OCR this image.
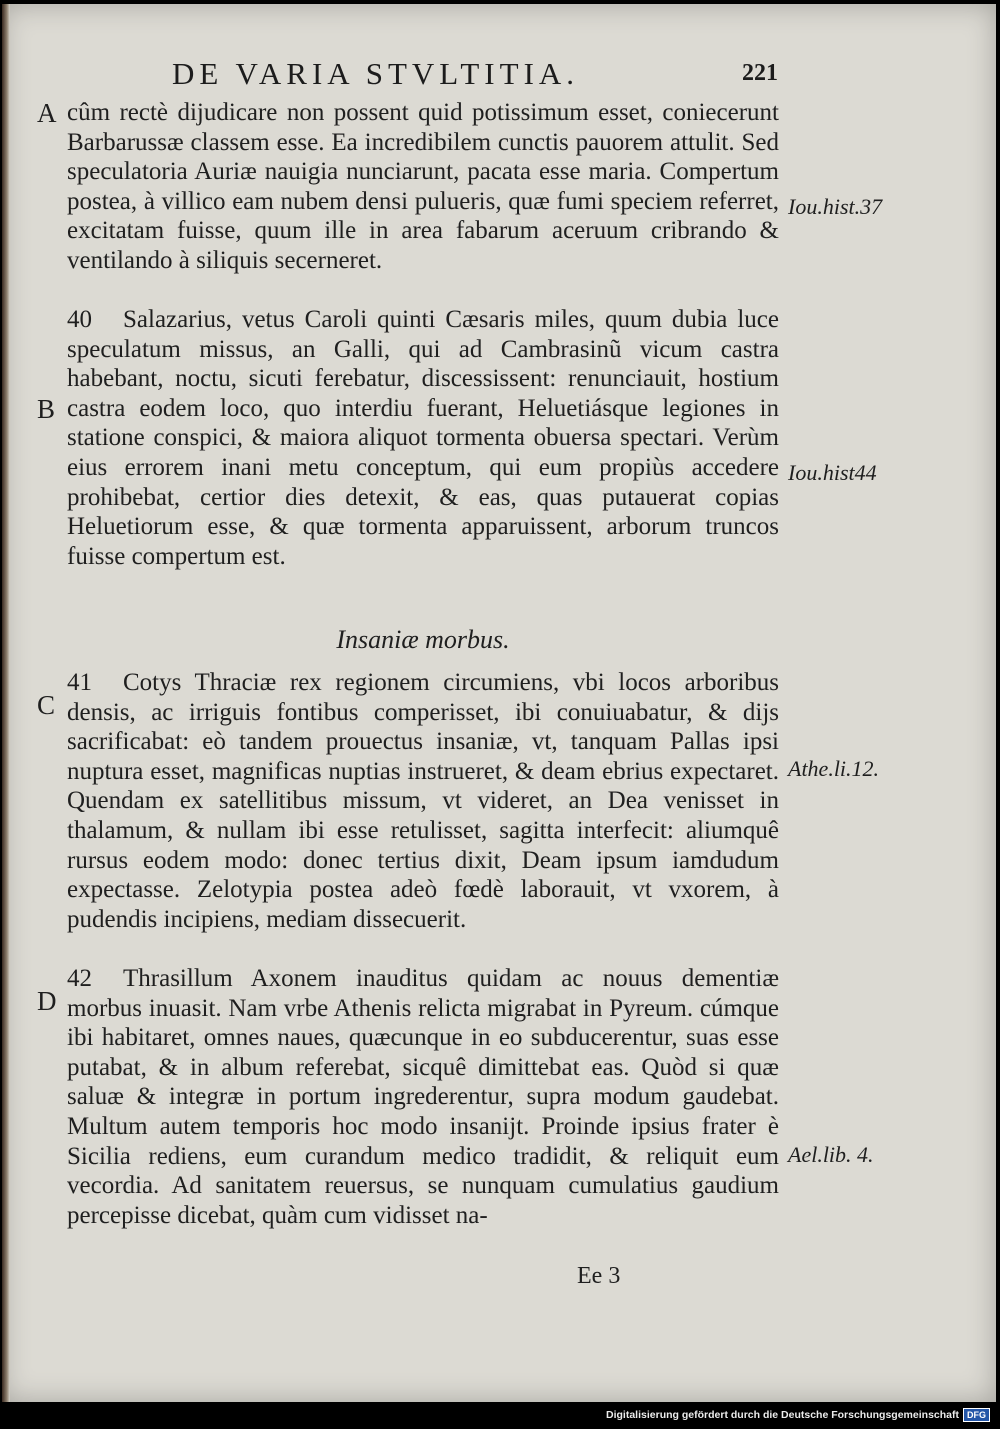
DE VARIA STVLTITIA.	221
A
B
C
D

cûm rectè dijudicare non possent quid potissimum esset, coniecerunt Barbarussæ classem esse. Ea incredibilem cunctis pauorem attulit. Sed speculatoria Auriæ nauigia nunciarunt, pacata esse maria. Compertum postea, à villico eam nubem densi pulueris, quæ fumi speciem referret, excitatam fuisse, quum ille in area fabarum aceruum cribrando & ventilando à siliquis secerneret.

40 Salazarius, vetus Caroli quinti Cæsaris miles, quum dubia luce speculatum missus, an Galli, qui ad Cambrasinũ vicum castra habebant, noctu, sicuti ferebatur, discessissent: renunciauit, hostium castra eodem loco, quo interdiu fuerant, Heluetiásque legiones in statione conspici, & maiora aliquot tormenta obuersa spectari. Verùm eius errorem inani metu conceptum, qui eum propiùs accedere prohibebat, certior dies detexit, & eas, quas putauerat copias Heluetiorum esse, & quæ tormenta apparuissent, arborum truncos fuisse compertum est.

Insaniæ morbus.

41 Cotys Thraciæ rex regionem circumiens, vbi locos arboribus densis, ac irriguis fontibus comperisset, ibi conuiuabatur, & dijs sacrificabat: eò tandem prouectus insaniæ, vt, tanquam Pallas ipsi nuptura esset, magnificas nuptias instrueret, & deam ebrius expectaret. Quendam ex satellitibus missum, vt videret, an Dea venisset in thalamum, & nullam ibi esse retulisset, sagitta interfecit: aliumquê rursus eodem modo: donec tertius dixit, Deam ipsum iamdudum expectasse. Zelotypia postea adeò fœdè laborauit, vt vxorem, à pudendis incipiens, mediam dissecuerit.

42 Thrasillum Axonem inauditus quidam ac nouus dementiæ morbus inuasit. Nam vrbe Athenis relicta migrabat in Pyreum. cúmque ibi habitaret, omnes naues, quæcunque in eo subducerentur, suas esse putabat, & in album referebat, sicquê dimittebat eas. Quòd si quæ saluæ & integræ in portum ingrederentur, supra modum gaudebat. Multum autem temporis hoc modo insanijt. Proinde ipsius frater è Sicilia rediens, eum curandum medico tradidit, & reliquit eum vecordia. Ad sanitatem reuersus, se nunquam cumulatius gaudium percepisse dicebat, quàm cum vidisset na-

Iou.hist.37
Iou.hist44
Athe.li.12.
Ael.lib. 4.
Ee 3
Digitalisierung gefördert durch die Deutsche Forschungsgemeinschaft DFG
